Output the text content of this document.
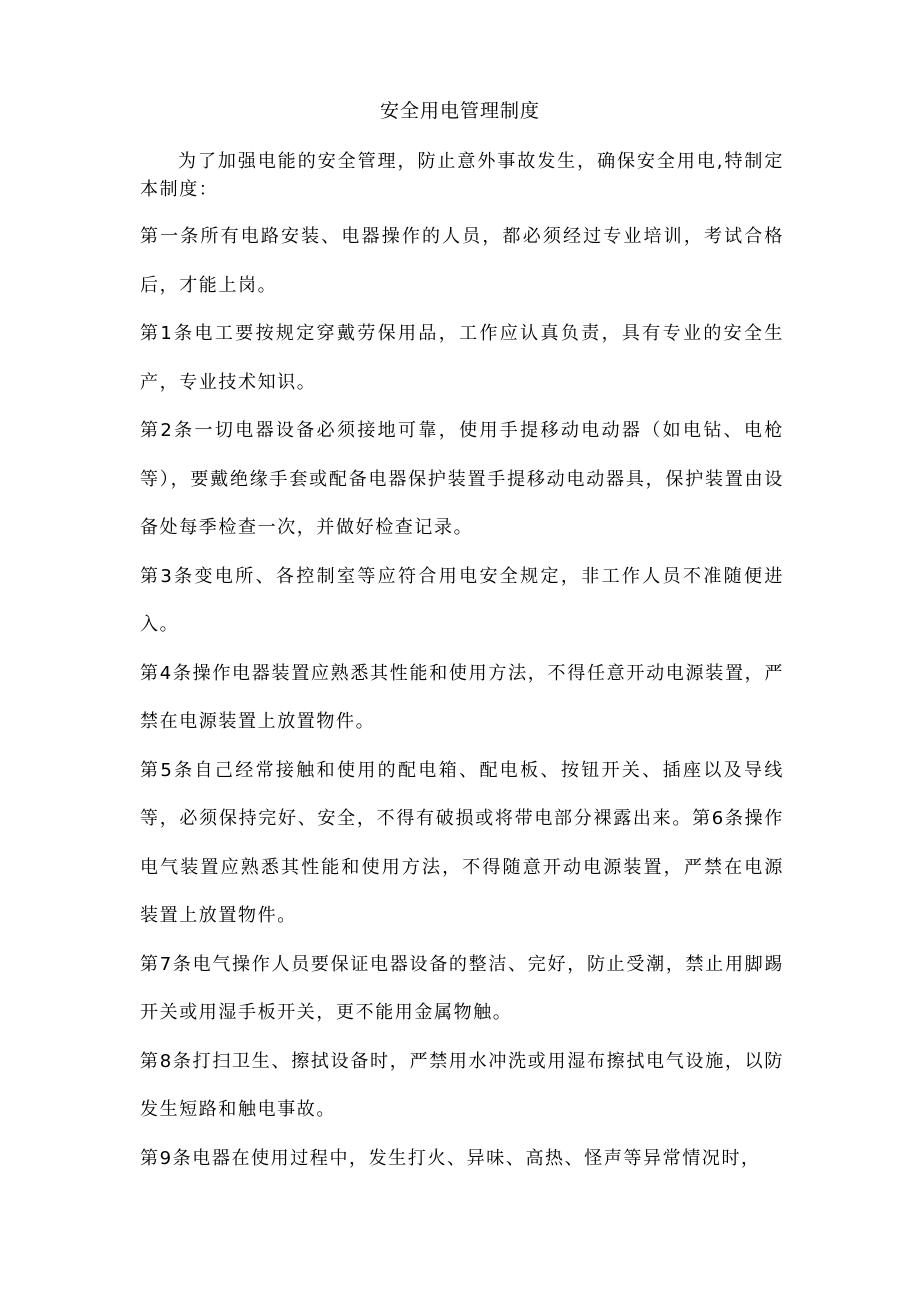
安全用电管理制度
为了加强电能的安全管理，防止意外事故发生，确保安全用电,特制定本制度：

第一条所有电路安装、电器操作的人员，都必须经过专业培训，考试合格后，才能上岗。

第1条电工要按规定穿戴劳保用品，工作应认真负责，具有专业的安全生产，专业技术知识。

第2条一切电器设备必须接地可靠，使用手提移动电动器（如电钻、电枪等），要戴绝缘手套或配备电器保护装置手提移动电动器具，保护装置由设备处每季检查一次，并做好检查记录。

第3条变电所、各控制室等应符合用电安全规定，非工作人员不准随便进入。

第4条操作电器装置应熟悉其性能和使用方法，不得任意开动电源装置，严禁在电源装置上放置物件。

第5条自己经常接触和使用的配电箱、配电板、按钮开关、插座以及导线等，必须保持完好、安全，不得有破损或将带电部分裸露出来。第6条操作电气装置应熟悉其性能和使用方法，不得随意开动电源装置，严禁在电源装置上放置物件。

第7条电气操作人员要保证电器设备的整洁、完好，防止受潮，禁止用脚踢开关或用湿手板开关，更不能用金属物触。

第8条打扫卫生、擦拭设备时，严禁用水冲洗或用湿布擦拭电气设施，以防发生短路和触电事故。

第9条电器在使用过程中，发生打火、异味、高热、怪声等异常情况时，
